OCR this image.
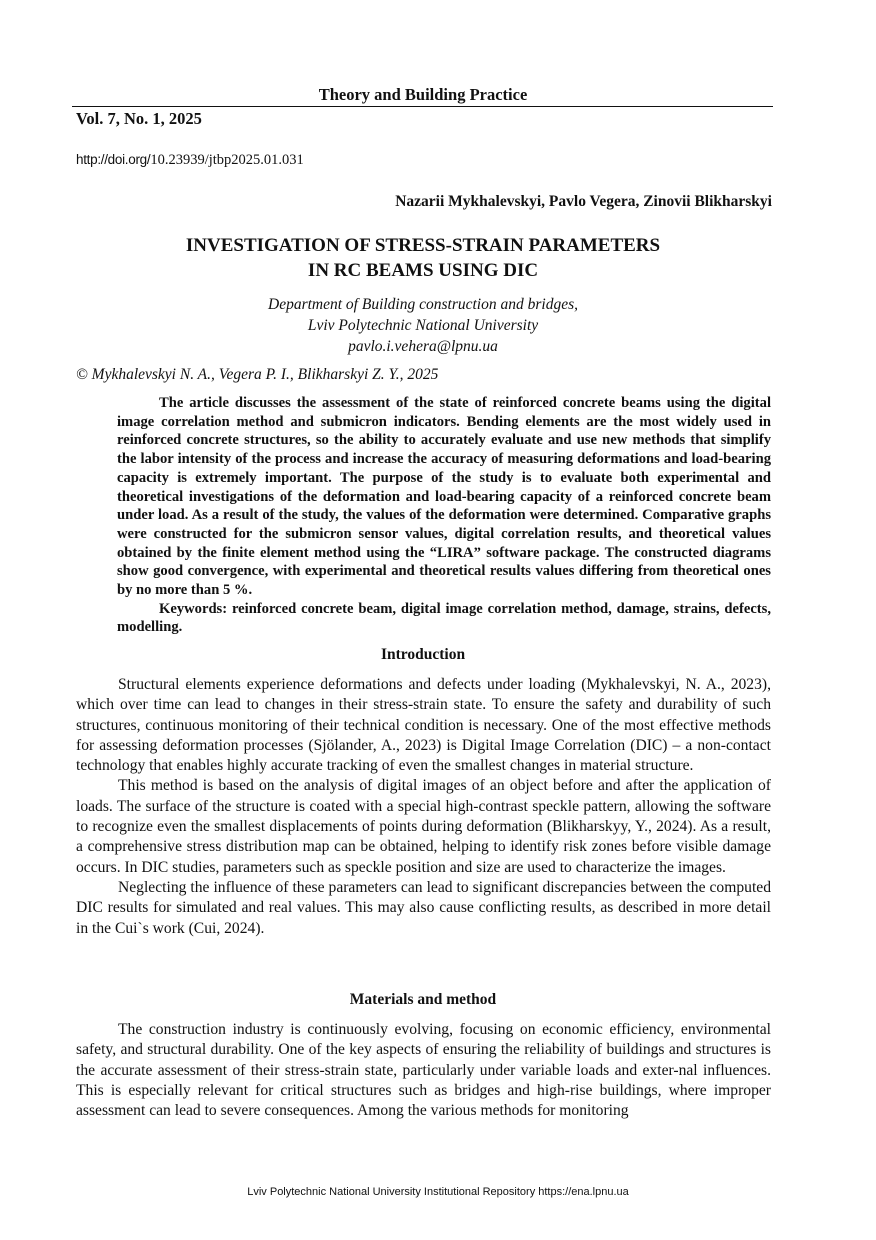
Theory and Building Practice
Vol. 7, No. 1, 2025
http://doi.org/10.23939/jtbp2025.01.031
Nazarii Mykhalevskyi, Pavlo Vegera, Zinovii Blikharskyi
INVESTIGATION OF STRESS-STRAIN PARAMETERS
IN RC BEAMS USING DIC
Department of Building construction and bridges,
Lviv Polytechnic National University
pavlo.i.vehera@lpnu.ua
© Mykhalevskyi N. A., Vegera P. I., Blikharskyi Z. Y., 2025

The article discusses the assessment of the state of reinforced concrete beams using the digital image correlation method and submicron indicators. Bending elements are the most widely used in reinforced concrete structures, so the ability to accurately evaluate and use new methods that simplify the labor intensity of the process and increase the accuracy of measuring deformations and load-bearing capacity is extremely important. The purpose of the study is to evaluate both experimental and theoretical investigations of the deformation and load-bearing capacity of a reinforced concrete beam under load. As a result of the study, the values of the deformation were determined. Comparative graphs were constructed for the submicron sensor values, digital correlation results, and theoretical values obtained by the finite element method using the “LIRA” software package. The constructed diagrams show good convergence, with experimental and theoretical results values differing from theoretical ones by no more than 5 %.

Keywords: reinforced concrete beam, digital image correlation method, damage, strains, defects, modelling.

Introduction

Structural elements experience deformations and defects under loading (Mykhalevskyi, N. A., 2023), which over time can lead to changes in their stress-strain state. To ensure the safety and durability of such structures, continuous monitoring of their technical condition is necessary. One of the most effective methods for assessing deformation processes (Sjölander, A., 2023) is Digital Image Correlation (DIC) – a non-contact technology that enables highly accurate tracking of even the smallest changes in material structure.

This method is based on the analysis of digital images of an object before and after the application of loads. The surface of the structure is coated with a special high-contrast speckle pattern, allowing the software to recognize even the smallest displacements of points during deformation (Blikharskyy, Y., 2024). As a result, a comprehensive stress distribution map can be obtained, helping to identify risk zones before visible damage occurs. In DIC studies, parameters such as speckle position and size are used to characterize the images.

Neglecting the influence of these parameters can lead to significant discrepancies between the computed DIC results for simulated and real values. This may also cause conflicting results, as described in more detail in the Cui`s work (Cui, 2024).

Materials and method

The construction industry is continuously evolving, focusing on economic efficiency, environmental safety, and structural durability. One of the key aspects of ensuring the reliability of buildings and structures is the accurate assessment of their stress-strain state, particularly under variable loads and exter-nal influences. This is especially relevant for critical structures such as bridges and high-rise buildings, where improper assessment can lead to severe consequences. Among the various methods for monitoring

Lviv Polytechnic National University Institutional Repository https://ena.lpnu.ua
